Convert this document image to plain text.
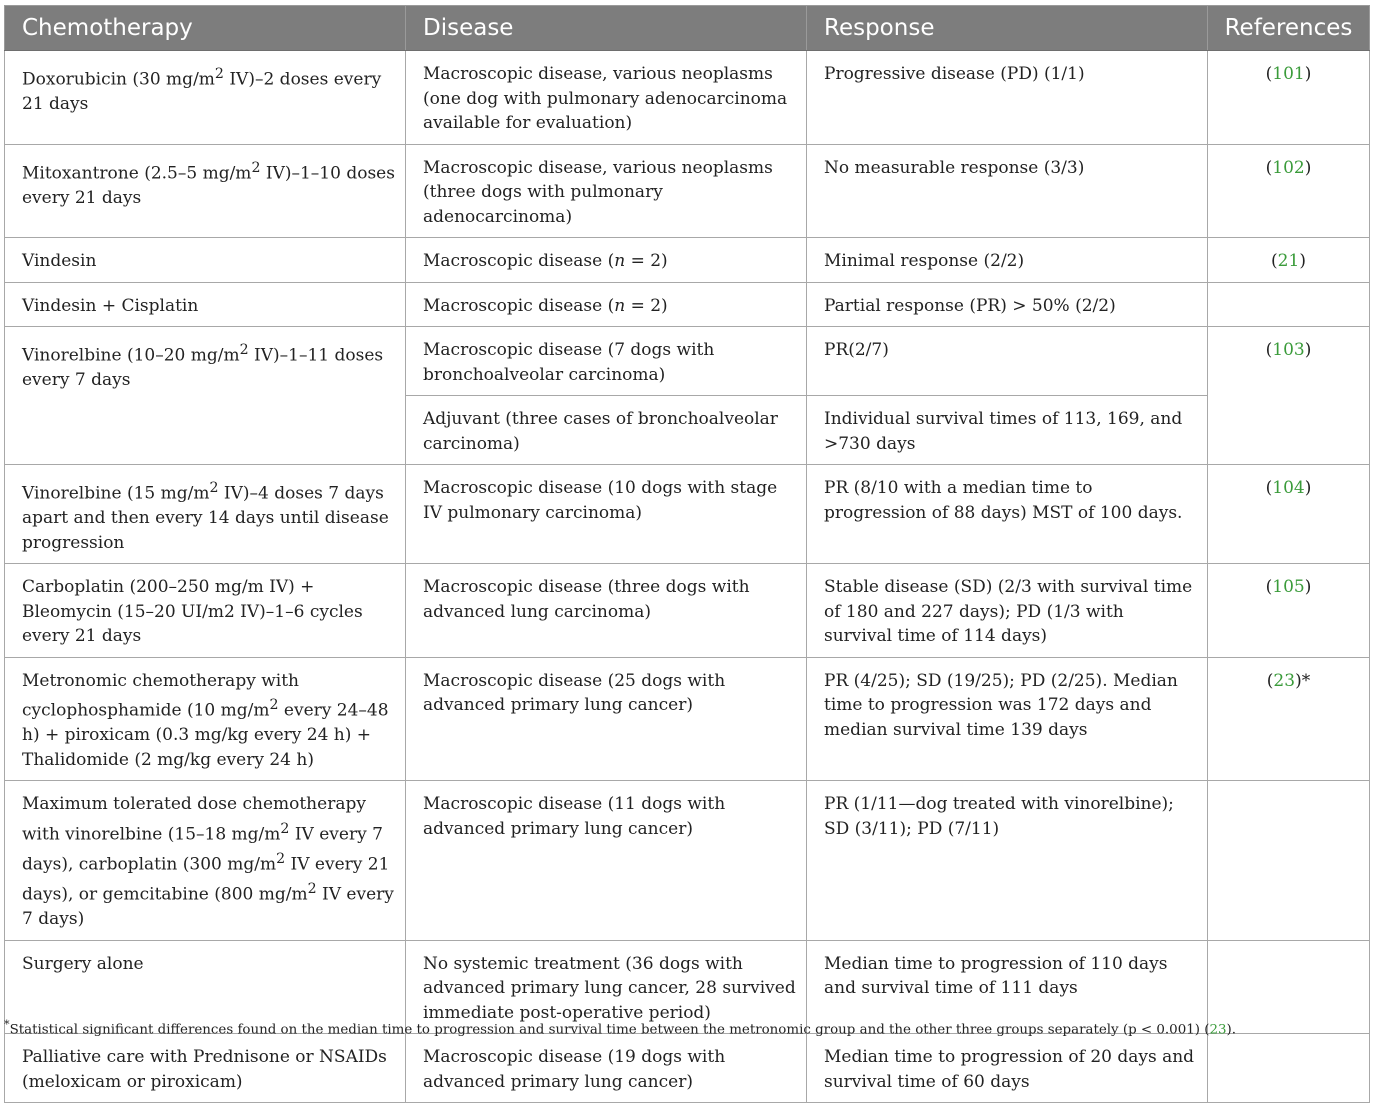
Chemotherapy	Disease	Response	References
Doxorubicin (30 $mg/m^2$ IV)–2 doses every 21 days	Macroscopic disease, various neoplasms (one dog with pulmonary adenocarcinoma available for evaluation)	Progressive disease (PD) (1/1)	(101)
Mitoxantrone (2.5–5 $mg/m^2$ IV)–1–10 doses every 21 days	Macroscopic disease, various neoplasms (three dogs with pulmonary adenocarcinoma)	No measurable response (3/3)	(102)
Vindesin	Macroscopic disease (n = 2)	Minimal response (2/2)	(21)
Vindesin + Cisplatin	Macroscopic disease (n = 2)	Partial response (PR) > 50% (2/2)	
Vinorelbine (10–20 $mg/m^2$ IV)–1–11 doses every 7 days	Macroscopic disease (7 dogs with bronchoalveolar carcinoma)	PR(2/7)	(103)
	Adjuvant (three cases of bronchoalveolar carcinoma)	Individual survival times of 113, 169, and >730 days	
Vinorelbine (15 $mg/m^2$ IV)–4 doses 7 days apart and then every 14 days until disease progression	Macroscopic disease (10 dogs with stage IV pulmonary carcinoma)	PR (8/10 with a median time to progression of 88 days) MST of 100 days.	(104)
Carboplatin (200–250 mg/m IV) + Bleomycin (15–20 UI/m2 IV)–1–6 cycles every 21 days	Macroscopic disease (three dogs with advanced lung carcinoma)	Stable disease (SD) (2/3 with survival time of 180 and 227 days); PD (1/3 with survival time of 114 days)	(105)
Metronomic chemotherapy with cyclophosphamide (10 $mg/m^2$ every 24–48 h) + piroxicam (0.3 mg/kg every 24 h) + Thalidomide (2 mg/kg every 24 h)	Macroscopic disease (25 dogs with advanced primary lung cancer)	PR (4/25); SD (19/25); PD (2/25). Median time to progression was 172 days and median survival time 139 days	(23)*
Maximum tolerated dose chemotherapy with vinorelbine (15–18 $mg/m^2$ IV every 7 days), carboplatin (300 $mg/m^2$ IV every 21 days), or gemcitabine (800 $mg/m^2$ IV every 7 days)	Macroscopic disease (11 dogs with advanced primary lung cancer)	PR (1/11—dog treated with vinorelbine); SD (3/11); PD (7/11)	
Surgery alone	No systemic treatment (36 dogs with advanced primary lung cancer, 28 survived immediate post-operative period)	Median time to progression of 110 days and survival time of 111 days	
Palliative care with Prednisone or NSAIDs (meloxicam or piroxicam)	Macroscopic disease (19 dogs with advanced primary lung cancer)	Median time to progression of 20 days and survival time of 60 days	
*Statistical significant differences found on the median time to progression and survival time between the metronomic group and the other three groups separately (p < 0.001) (23).
